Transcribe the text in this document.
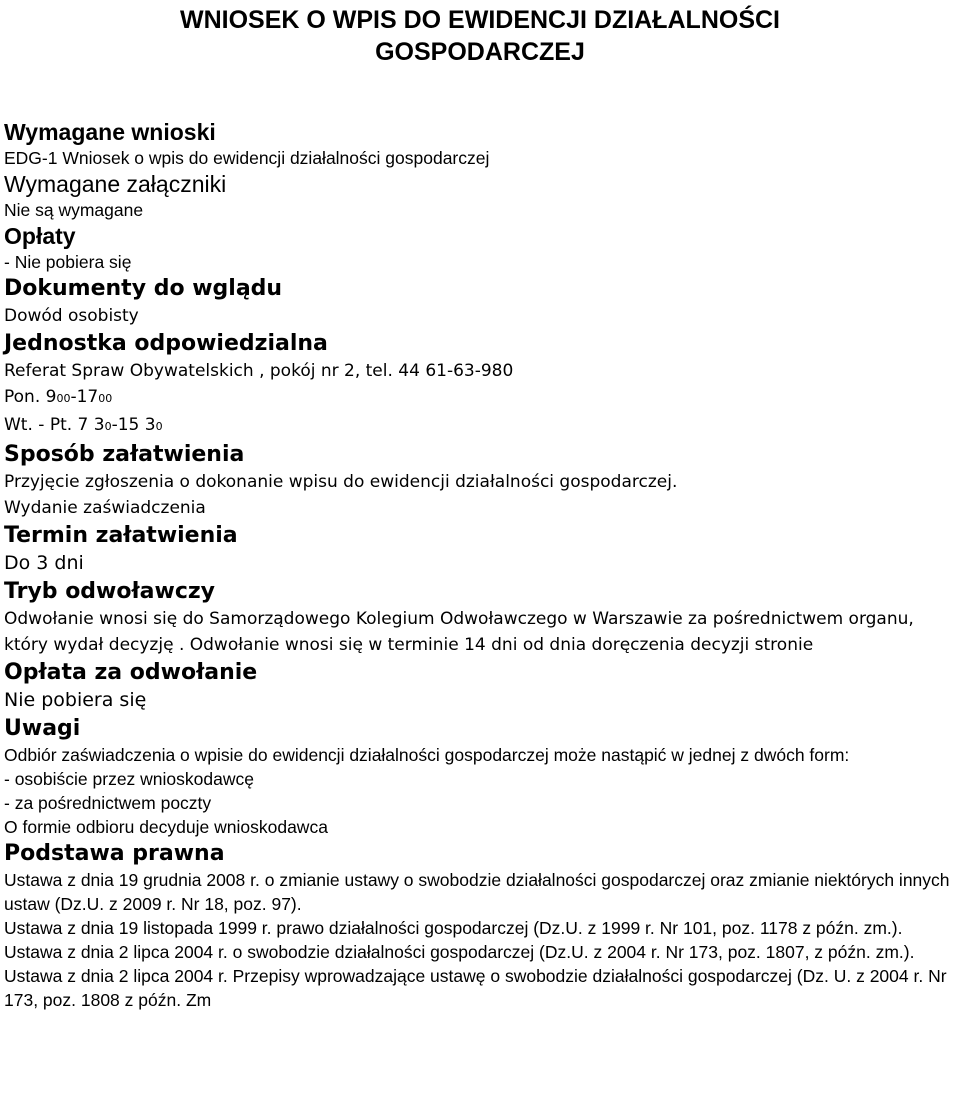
WNIOSEK O WPIS DO EWIDENCJI DZIAŁALNOŚCI
GOSPODARCZEJ
Wymagane wnioski
EDG-1 Wniosek o wpis do ewidencji działalności gospodarczej
Wymagane załączniki
Nie są wymagane
Opłaty
- Nie pobiera się
Dokumenty do wglądu
Dowód osobisty
Jednostka odpowiedzialna
Referat Spraw Obywatelskich , pokój nr 2, tel. 44 61-63-980
Pon. 900-1700
Wt. - Pt. 7 30-15 30
Sposób załatwienia
Przyjęcie zgłoszenia o dokonanie wpisu do ewidencji działalności gospodarczej.
Wydanie zaświadczenia
Termin załatwienia
Do 3 dni
Tryb odwoławczy
Odwołanie wnosi się do Samorządowego Kolegium Odwoławczego w Warszawie za pośrednictwem organu, który wydał decyzję . Odwołanie wnosi się w terminie 14 dni od dnia doręczenia decyzji stronie
Opłata za odwołanie
Nie pobiera się
Uwagi
Odbiór zaświadczenia o wpisie do ewidencji działalności gospodarczej może nastąpić w jednej z dwóch form:
- osobiście przez wnioskodawcę
- za pośrednictwem poczty
O formie odbioru decyduje wnioskodawca
Podstawa prawna
Ustawa z dnia 19 grudnia 2008 r. o zmianie ustawy o swobodzie działalności gospodarczej oraz zmianie niektórych innych ustaw (Dz.U. z 2009 r. Nr 18, poz. 97).
Ustawa z dnia 19 listopada 1999 r. prawo działalności gospodarczej (Dz.U. z 1999 r. Nr 101, poz. 1178 z późn. zm.).
Ustawa z dnia 2 lipca 2004 r. o swobodzie działalności gospodarczej (Dz.U. z 2004 r. Nr 173, poz. 1807, z późn. zm.).
Ustawa z dnia 2 lipca 2004 r. Przepisy wprowadzające ustawę o swobodzie działalności gospodarczej (Dz. U. z 2004 r. Nr 173, poz. 1808 z późn. Zm
